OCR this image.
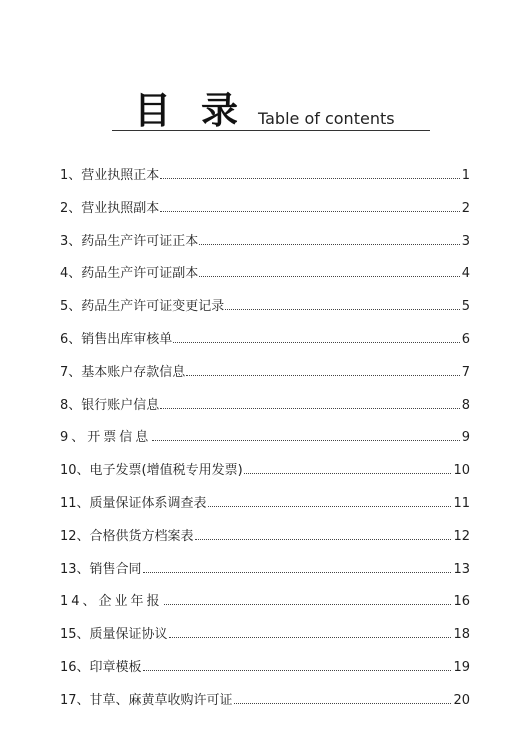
目录
Table of contents
1、营业执照正本	1
2、营业执照副本	2
3、药品生产许可证正本	3
4、药品生产许可证副本	4
5、药品生产许可证变更记录	5
6、销售出库审核单	6
7、基本账户存款信息	7
8、银行账户信息	8
9、开票信息	9
10、电子发票(增值税专用发票)	10
11、质量保证体系调查表	11
12、合格供货方档案表	12
13、销售合同	13
14、企业年报	16
15、质量保证协议	18
16、印章模板	19
17、甘草、麻黄草收购许可证	20
